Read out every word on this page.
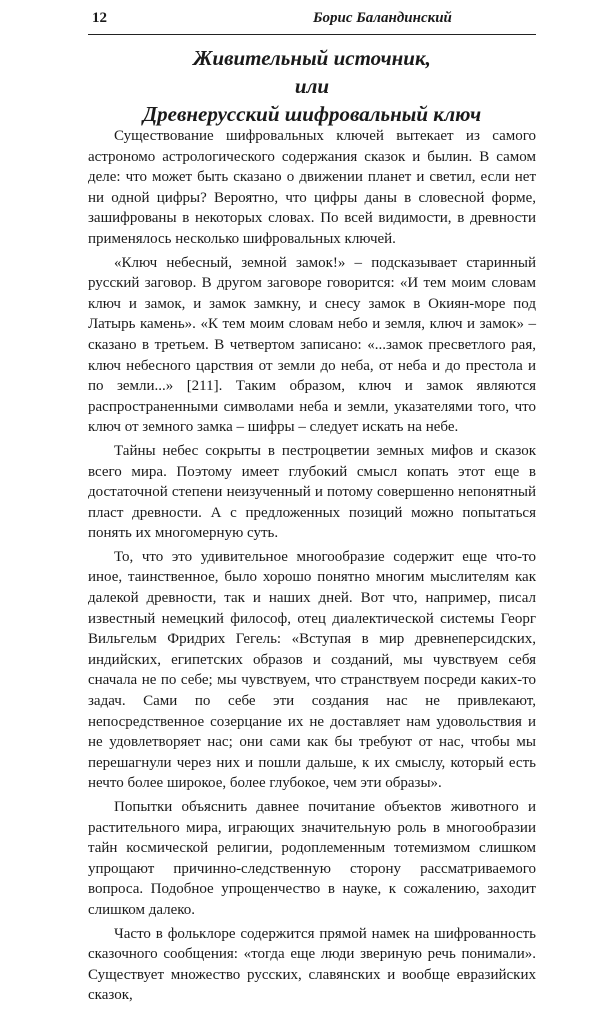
12	Борис Баландинский
Живительный источник,
или
Древнерусский шифровальный ключ

Существование шифровальных ключей вытекает из самого астрономо астрологического содержания сказок и былин. В самом деле: что может быть сказано о движении планет и светил, если нет ни одной цифры? Вероятно, что цифры даны в словесной форме, зашифрованы в некоторых словах. По всей видимости, в древности применялось несколько шифровальных ключей.

«Ключ небесный, земной замок!» – подсказывает старинный русский заговор. В другом заговоре говорится: «И тем моим словам ключ и замок, и замок замкну, и снесу замок в Окиян-море под Латырь камень». «К тем моим словам небо и земля, ключ и замок» – сказано в третьем. В четвертом записано: «...замок пресветлого рая, ключ небесного царствия от земли до неба, от неба и до престола и по земли...» [211]. Таким образом, ключ и замок являются распространенными символами неба и земли, указателями того, что ключ от земного замка – шифры – следует искать на небе.

Тайны небес сокрыты в пестроцветии земных мифов и сказок всего мира. Поэтому имеет глубокий смысл копать этот еще в достаточной степени неизученный и потому совершенно непонятный пласт древности. А с предложенных позиций можно попытаться понять их многомерную суть.

То, что это удивительное многообразие содержит еще что-то иное, таинственное, было хорошо понятно многим мыслителям как далекой древности, так и наших дней. Вот что, например, писал известный немецкий философ, отец диалектической системы Георг Вильгельм Фридрих Гегель: «Вступая в мир древнеперсидских, индийских, египетских образов и созданий, мы чувствуем себя сначала не по себе; мы чувствуем, что странствуем посреди каких-то задач. Сами по себе эти создания нас не привлекают, непосредственное созерцание их не доставляет нам удовольствия и не удовлетворяет нас; они сами как бы требуют от нас, чтобы мы перешагнули через них и пошли дальше, к их смыслу, который есть нечто более широкое, более глубокое, чем эти образы».

Попытки объяснить давнее почитание объектов животного и растительного мира, играющих значительную роль в многообразии тайн космической религии, родоплеменным тотемизмом слишком упрощают причинно-следственную сторону рассматриваемого вопроса. Подобное упрощенчество в науке, к сожалению, заходит слишком далеко.

Часто в фольклоре содержится прямой намек на шифрованность сказочного сообщения: «тогда еще люди звериную речь понимали». Существует множество русских, славянских и вообще евразийских сказок,
